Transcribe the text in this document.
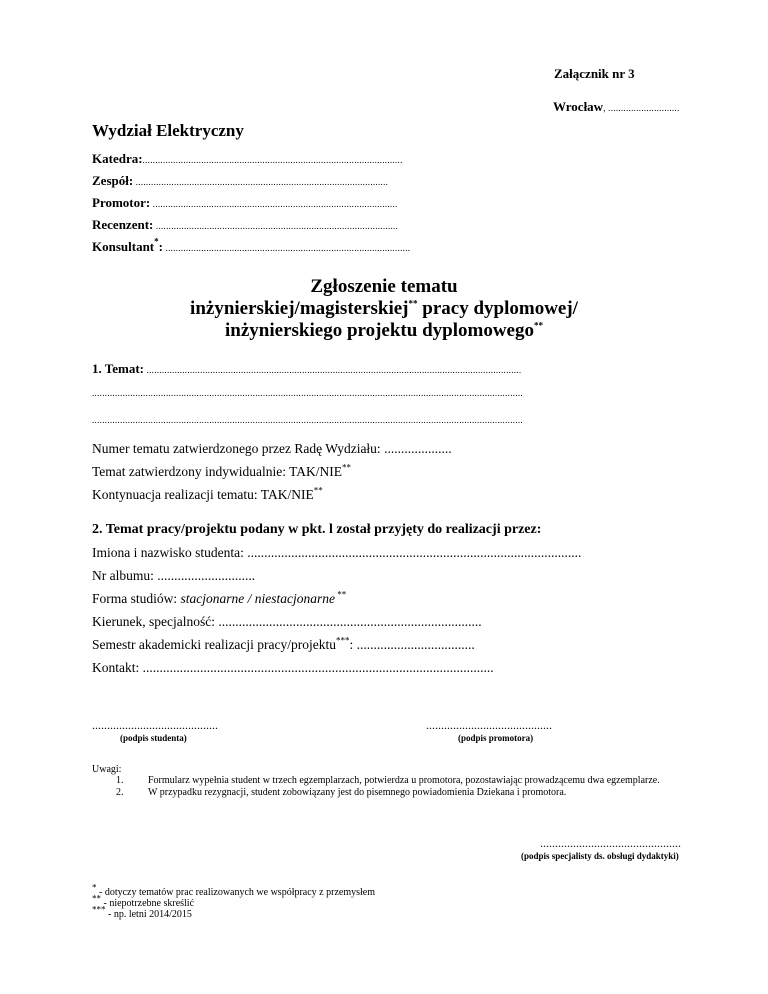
Załącznik nr 3
Wrocław, ............................
Wydział Elektryczny
Katedra:......................................................................................................
Zespół: ...................................................................................................
Promotor: ................................................................................................
Recenzent: ...............................................................................................
Konsultant*: ................................................................................................
Zgłoszenie tematu
inżynierskiej/magisterskiej** pracy dyplomowej/
inżynierskiego projektu dyplomowego**
1. Temat: ...................................................................................................................................................
.........................................................................................................................................................................
.........................................................................................................................................................................
Numer tematu zatwierdzonego przez Radę Wydziału: ....................
Temat zatwierdzony indywidualnie: TAK/NIE**
Kontynuacja realizacji tematu: TAK/NIE**
2. Temat pracy/projektu podany w pkt. l został przyjęty do realizacji przez:
Imiona i nazwisko studenta: ...................................................................................................
Nr albumu: .............................
Forma studiów: stacjonarne / niestacjonarne **
Kierunek, specjalność: ..............................................................................
Semestr akademicki realizacji pracy/projektu***: ...................................
Kontakt: ........................................................................................................
..........................................
(podpis studenta)
..........................................
(podpis promotora)
Uwagi:
1. Formularz wypełnia student w trzech egzemplarzach, potwierdza u promotora, pozostawiając prowadzącemu dwa egzemplarze.
2. W przypadku rezygnacji, student zobowiązany jest do pisemnego powiadomienia Dziekana i promotora.
...............................................
(podpis specjalisty ds. obsługi dydaktyki)
* - dotyczy tematów prac realizowanych we współpracy z przemysłem
** - niepotrzebne skreślić
*** - np. letni 2014/2015
